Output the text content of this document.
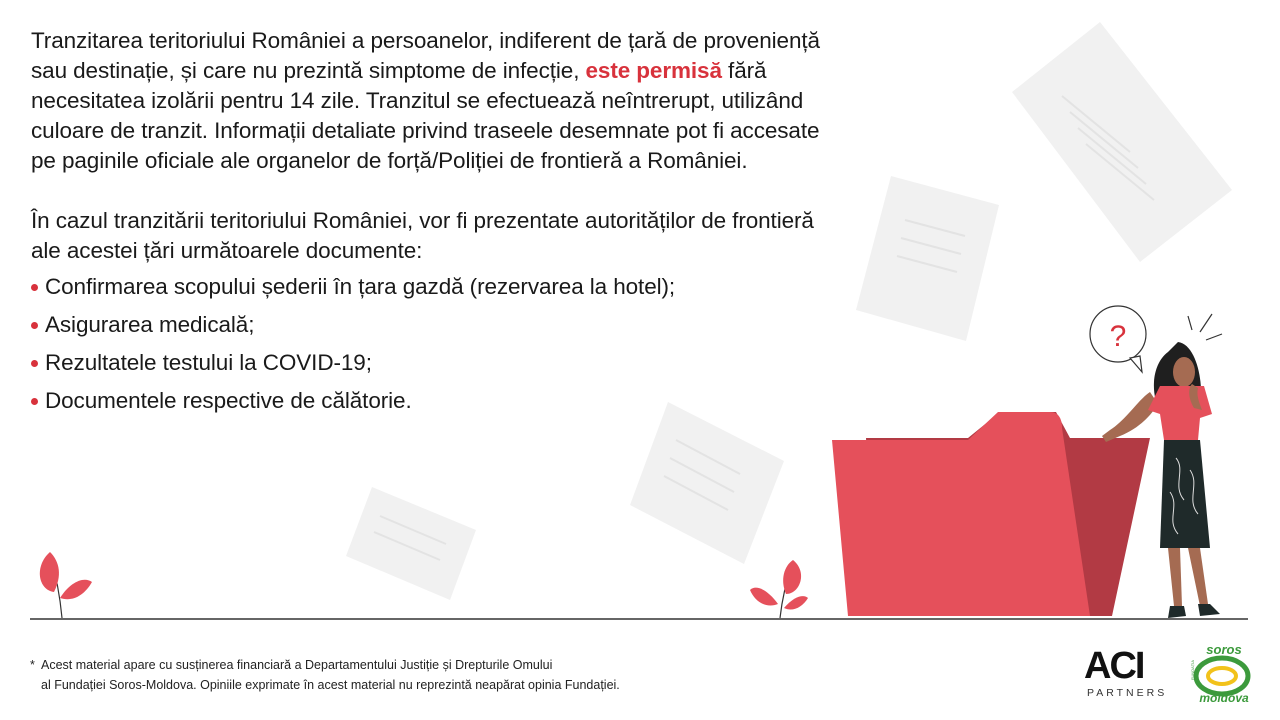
?

Tranzitarea teritoriului României a persoanelor, indiferent de țară de proveniență sau destinație, și care nu prezintă simptome de infecție, este permisă fără necesitatea izolării pentru 14 zile. Tranzitul se efectuează neîntrerupt, utilizând culoare de tranzit. Informații detaliate privind traseele desemnate pot fi accesate pe paginile oficiale ale organelor de forță/Poliției de frontieră a României.

În cazul tranzitării teritoriului României, vor fi prezentate autorităților de frontieră ale acestei țări următoarele documente:

Confirmarea scopului șederii în țara gazdă (rezervarea la hotel);
Asigurarea medicală;
Rezultatele testului la COVID-19;
Documentele respective de călătorie.
* Acest material apare cu susținerea financiară a Departamentului Justiție și Drepturile Omului
al Fundației Soros-Moldova. Opiniile exprimate în acest material nu reprezintă neapărat opinia Fundației.	ACI
PARTNERS
soros
moldova
FUNDAȚIA
